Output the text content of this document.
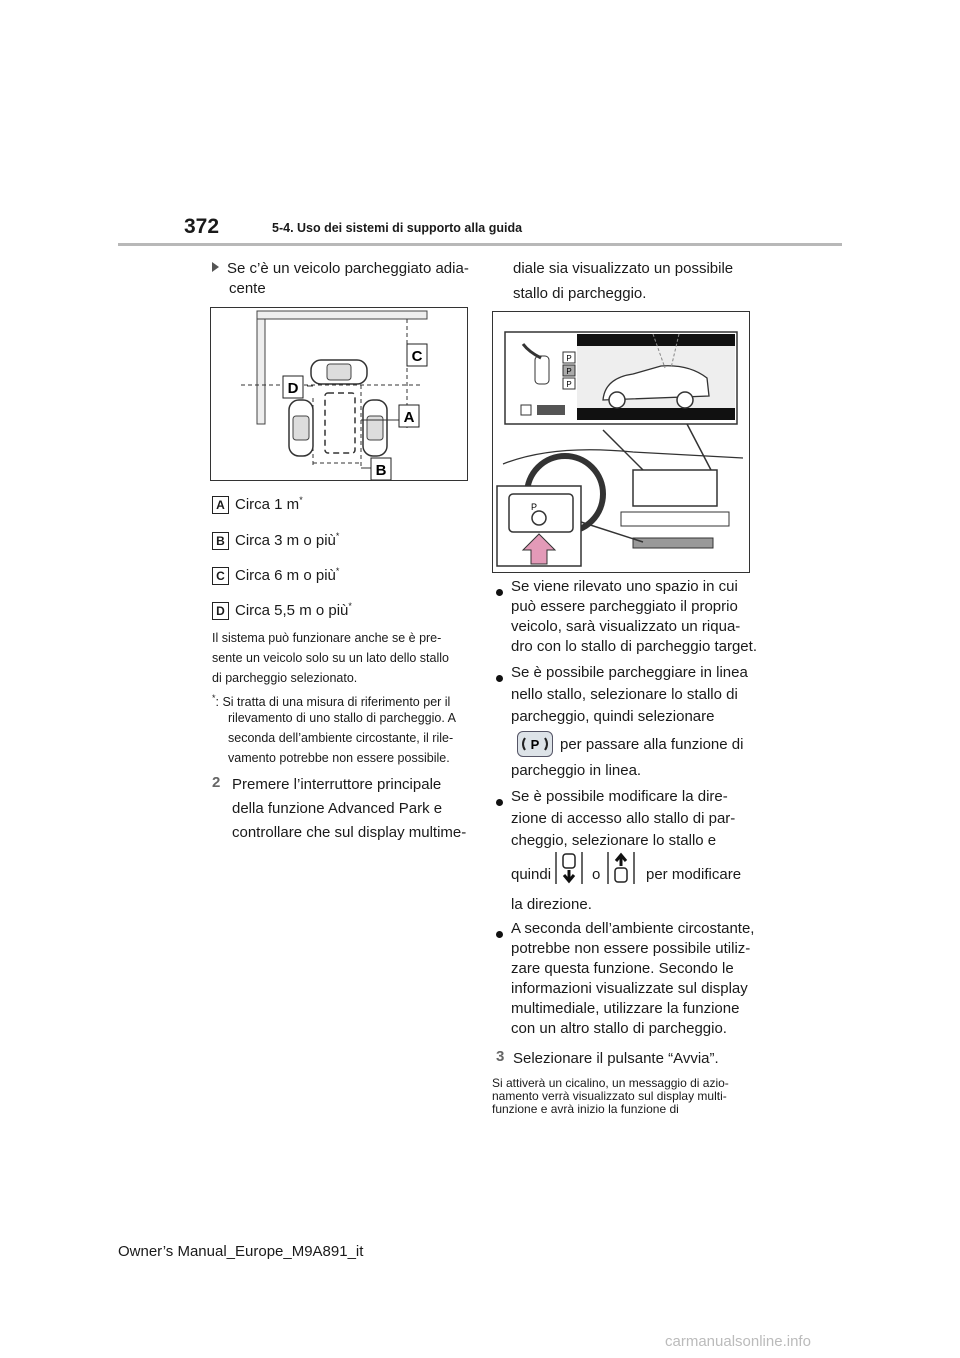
372	5-4. Uso dei sistemi di supporto alla guida
Se c’è un veicolo parcheggiato adia-
cente
C
D
A
B
A Circa 1 m*
B Circa 3 m o più*
C Circa 6 m o più*
D Circa 5,5 m o più*
Il sistema può funzionare anche se è pre-
sente un veicolo solo su un lato dello stallo
di parcheggio selezionato.
*: Si tratta di una misura di riferimento per il
rilevamento di uno stallo di parcheggio. A
seconda dell’ambiente circostante, il rile-
vamento potrebbe non essere possibile.
2 Premere l’interruttore principale
della funzione Advanced Park e
controllare che sul display multime-
diale sia visualizzato un possibile
stallo di parcheggio.
P
P
P
P
Se viene rilevato uno spazio in cui
può essere parcheggiato il proprio
veicolo, sarà visualizzato un riqua-
dro con lo stallo di parcheggio target.
Se è possibile parcheggiare in linea
nello stallo, selezionare lo stallo di
parcheggio, quindi selezionare
P per passare alla funzione di
parcheggio in linea.
Se è possibile modificare la dire-
zione di accesso allo stallo di par-
cheggio, selezionare lo stallo e
quindi	o	per modificare
la direzione.
A seconda dell’ambiente circostante,
potrebbe non essere possibile utiliz-
zare questa funzione. Secondo le
informazioni visualizzate sul display
multimediale, utilizzare la funzione
con un altro stallo di parcheggio.
3 Selezionare il pulsante “Avvia”.
Si attiverà un cicalino, un messaggio di azio-
namento verrà visualizzato sul display multi-
funzione e avrà inizio la funzione di
Owner’s Manual_Europe_M9A891_it
carmanualsonline.info
